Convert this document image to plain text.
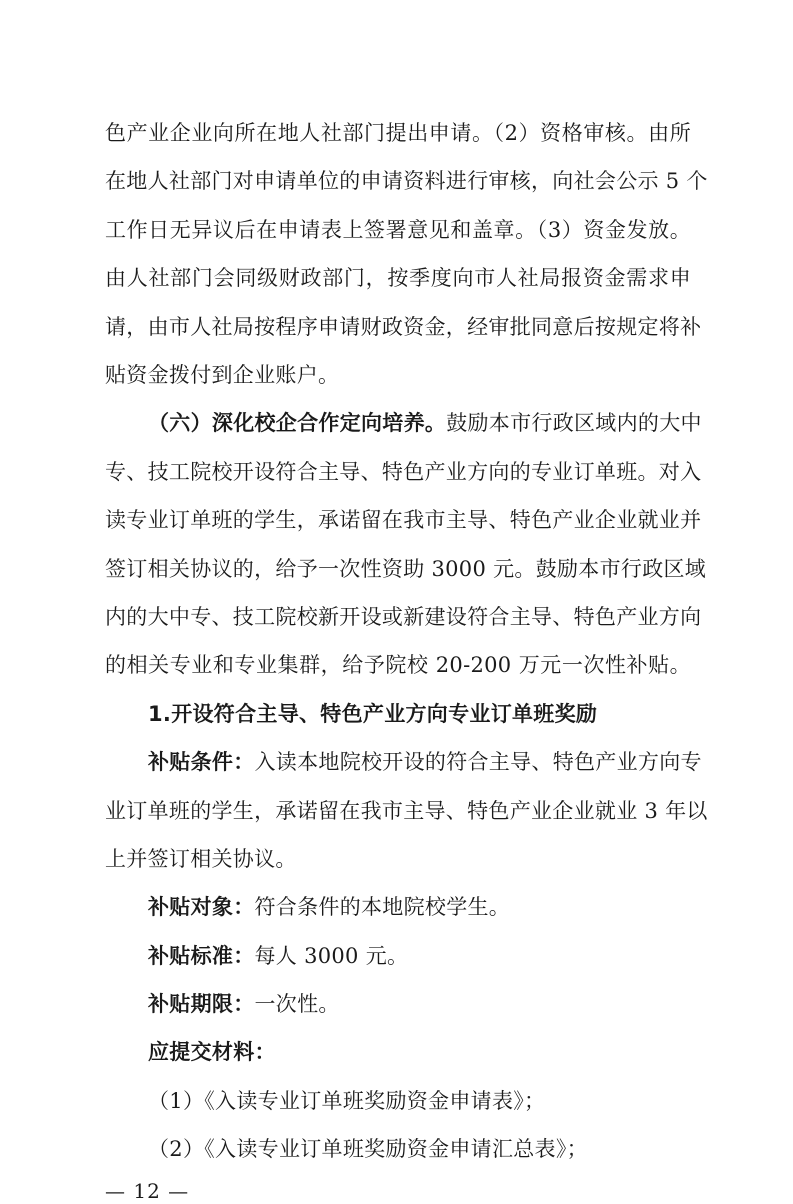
色产业企业向所在地人社部门提出申请。（2）资格审核。由所
在地人社部门对申请单位的申请资料进行审核，向社会公示 5 个
工作日无异议后在申请表上签署意见和盖章。（3）资金发放。
由人社部门会同级财政部门，按季度向市人社局报资金需求申
请，由市人社局按程序申请财政资金，经审批同意后按规定将补
贴资金拨付到企业账户。
（六）深化校企合作定向培养。鼓励本市行政区域内的大中
专、技工院校开设符合主导、特色产业方向的专业订单班。对入
读专业订单班的学生，承诺留在我市主导、特色产业企业就业并
签订相关协议的，给予一次性资助 3000 元。鼓励本市行政区域
内的大中专、技工院校新开设或新建设符合主导、特色产业方向
的相关专业和专业集群，给予院校 20-200 万元一次性补贴。
1.开设符合主导、特色产业方向专业订单班奖励
补贴条件：入读本地院校开设的符合主导、特色产业方向专
业订单班的学生，承诺留在我市主导、特色产业企业就业 3 年以
上并签订相关协议。
补贴对象：符合条件的本地院校学生。
补贴标准：每人 3000 元。
补贴期限：一次性。
— 12 —
应提交材料：
（1）《入读专业订单班奖励资金申请表》；
（2）《入读专业订单班奖励资金申请汇总表》；
